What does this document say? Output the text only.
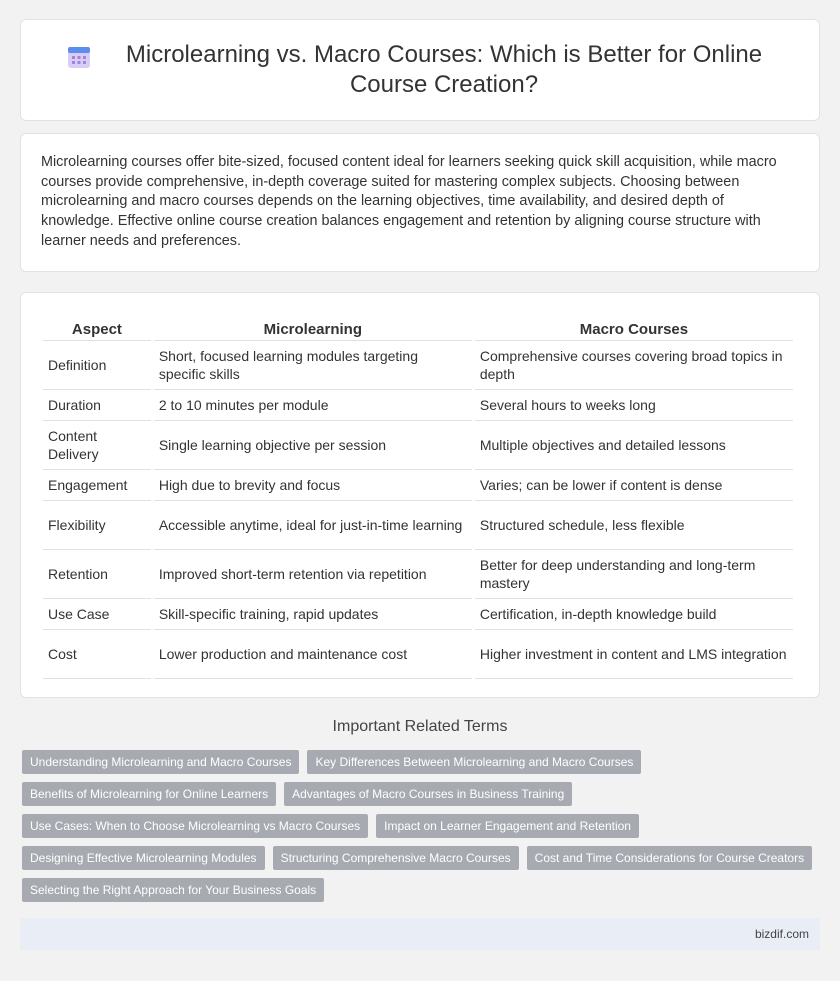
Microlearning vs. Macro Courses: Which is Better for Online Course Creation?

Microlearning courses offer bite-sized, focused content ideal for learners seeking quick skill acquisition, while macro courses provide comprehensive, in-depth coverage suited for mastering complex subjects. Choosing between microlearning and macro courses depends on the learning objectives, time availability, and desired depth of knowledge. Effective online course creation balances engagement and retention by aligning course structure with learner needs and preferences.

Aspect	Microlearning	Macro Courses
Definition	Short, focused learning modules targeting specific skills	Comprehensive courses covering broad topics in depth
Duration	2 to 10 minutes per module	Several hours to weeks long
Content Delivery	Single learning objective per session	Multiple objectives and detailed lessons
Engagement	High due to brevity and focus	Varies; can be lower if content is dense
Flexibility	Accessible anytime, ideal for just-in-time learning	Structured schedule, less flexible
Retention	Improved short-term retention via repetition	Better for deep understanding and long-term mastery
Use Case	Skill-specific training, rapid updates	Certification, in-depth knowledge build
Cost	Lower production and maintenance cost	Higher investment in content and LMS integration
Important Related Terms
Understanding Microlearning and Macro Courses	Key Differences Between Microlearning and Macro Courses
Benefits of Microlearning for Online Learners	Advantages of Macro Courses in Business Training
Use Cases: When to Choose Microlearning vs Macro Courses	Impact on Learner Engagement and Retention
Designing Effective Microlearning Modules	Structuring Comprehensive Macro Courses	Cost and Time Considerations for Course Creators
Selecting the Right Approach for Your Business Goals
bizdif.com
